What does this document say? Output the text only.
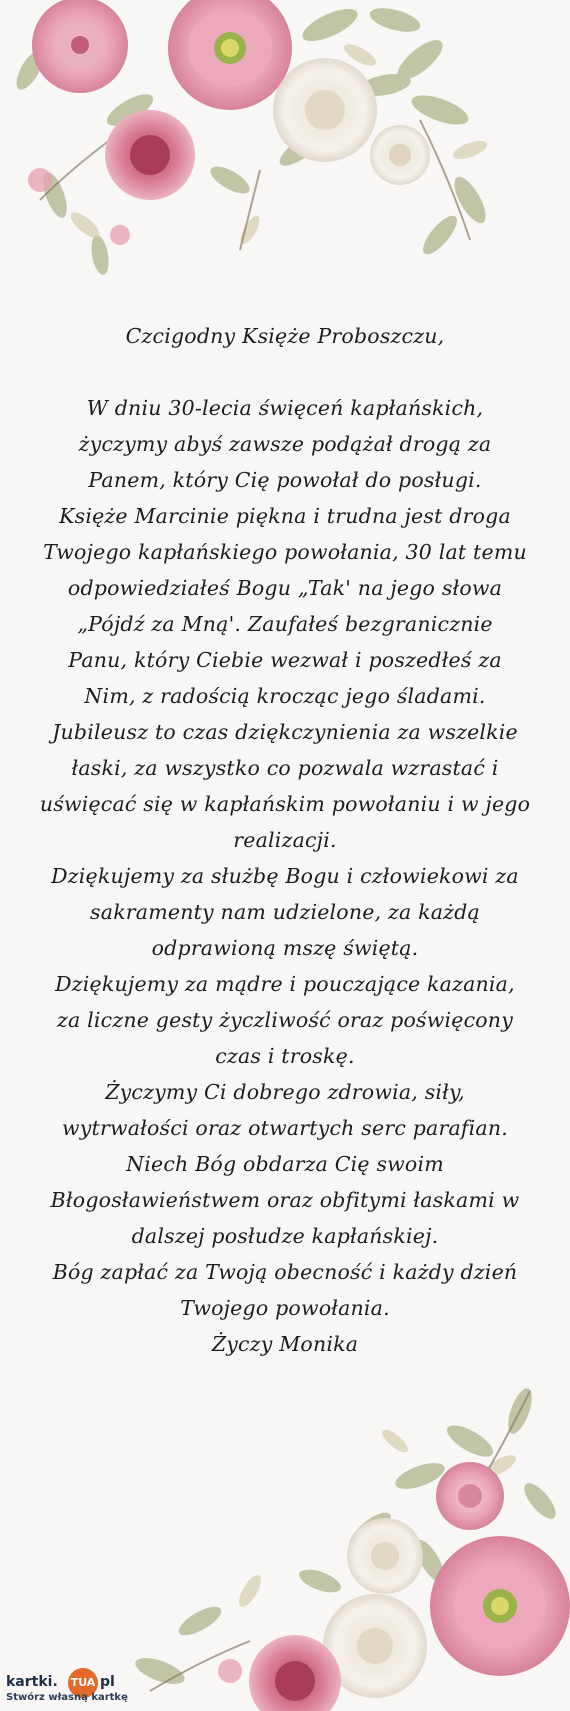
Czcigodny Księże Proboszczu,
W dniu 30-lecia święceń kapłańskich,
życzymy abyś zawsze podążał drogą za
Panem, który Cię powołał do posługi.
Księże Marcinie piękna i trudna jest droga
Twojego kapłańskiego powołania, 30 lat temu
odpowiedziałeś Bogu „Tak' na jego słowa
„Pójdź za Mną'. Zaufałeś bezgranicznie
Panu, który Ciebie wezwał i poszedłeś za
Nim, z radością krocząc jego śladami.
Jubileusz to czas dziękczynienia za wszelkie
łaski, za wszystko co pozwala wzrastać i
uświęcać się w kapłańskim powołaniu i w jego
realizacji.
Dziękujemy za służbę Bogu i człowiekowi za
sakramenty nam udzielone, za każdą
odprawioną mszę świętą.
Dziękujemy za mądre i pouczające kazania,
za liczne gesty życzliwość oraz poświęcony
czas i troskę.
Życzymy Ci dobrego zdrowia, siły,
wytrwałości oraz otwartych serc parafian.
Niech Bóg obdarza Cię swoim
Błogosławieństwem oraz obfitymi łaskami w
dalszej posłudze kapłańskiej.
Bóg zapłać za Twoją obecność i każdy dzień
Twojego powołania.
Życzy Monika
kartki. TUA pl
Stwórz własną kartkę
